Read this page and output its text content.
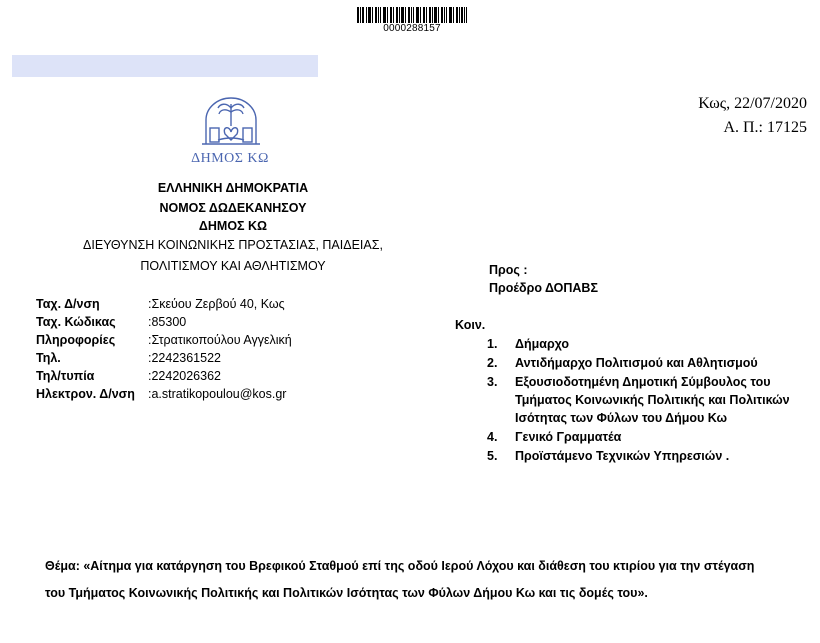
0000288157
ΔΗΜΟΣ ΚΩ
Κως, 22/07/2020
Α. Π.: 17125
ΕΛΛΗΝΙΚΗ ΔΗΜΟΚΡΑΤΙΑ
ΝΟΜΟΣ ΔΩΔΕΚΑΝΗΣΟΥ
ΔΗΜΟΣ ΚΩ
ΔΙΕΥΘΥΝΣΗ ΚΟΙΝΩΝΙΚΗΣ ΠΡΟΣΤΑΣΙΑΣ, ΠΑΙΔΕΙΑΣ,
ΠΟΛΙΤΙΣΜΟΥ ΚΑΙ ΑΘΛΗΤΙΣΜΟΥ
Ταχ. Δ/νση	:Σκεύου Ζερβού 40, Κως
Ταχ. Κώδικας	:85300
Πληροφορίες	:Στρατικοπούλου Αγγελική
Τηλ.	:2242361522
Τηλ/τυπία	:2242026362
Ηλεκτρον. Δ/νση	:a.stratikopoulou@kos.gr
Προς :
Προέδρο ΔΟΠΑΒΣ
Κοιν.
1.	Δήμαρχο
2.	Αντιδήμαρχο Πολιτισμού και Αθλητισμού
3.	Εξουσιοδοτημένη Δημοτική Σύμβουλος του Τμήματος Κοινωνικής Πολιτικής και Πολιτικών Ισότητας των Φύλων του Δήμου Κω
4.	Γενικό Γραμματέα
5.	Προϊστάμενο Τεχνικών Υπηρεσιών .
Θέμα: «Αίτημα για κατάργηση του Βρεφικού Σταθμού επί της οδού Ιερού Λόχου και διάθεση του κτιρίου για την στέγαση του Τμήματος Κοινωνικής Πολιτικής και Πολιτικών Ισότητας των Φύλων Δήμου Κω και τις δομές του».
